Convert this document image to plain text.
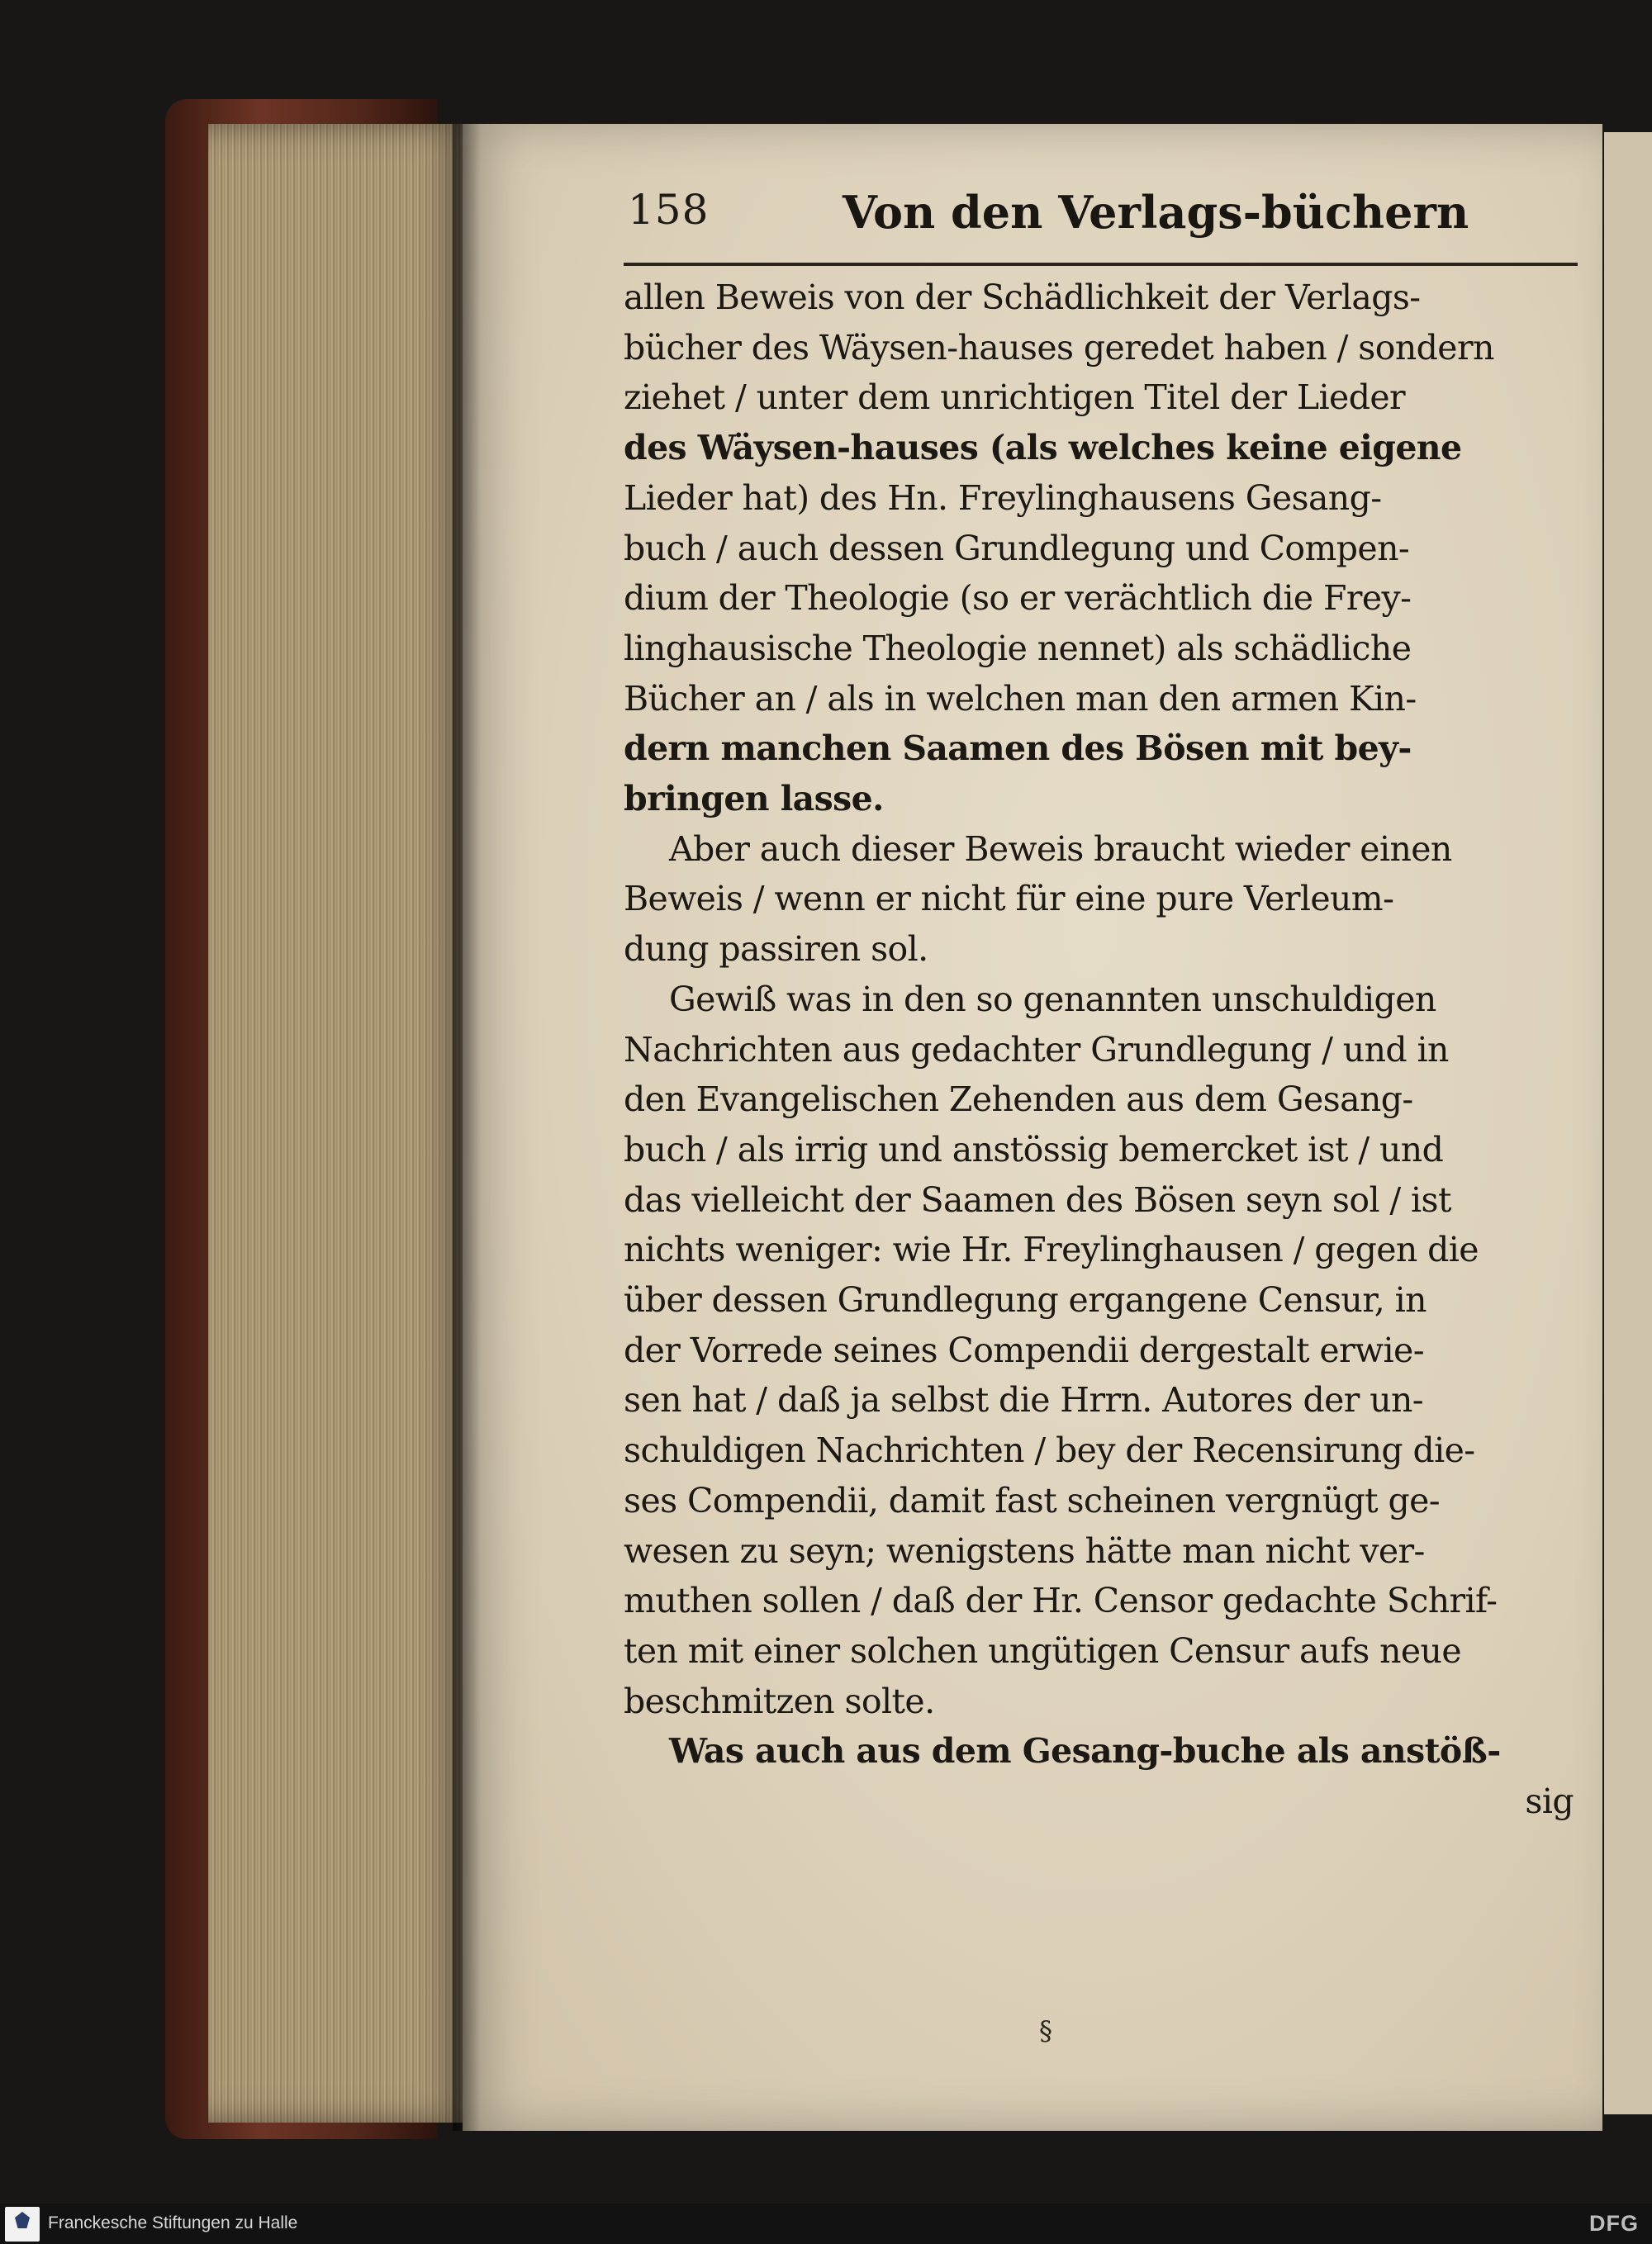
158	Von den Verlags-büchern
allen Beweis von der Schädlichkeit der Verlags-
bücher des Wäysen-hauses geredet haben / sondern
ziehet / unter dem unrichtigen Titel der Lieder
des Wäysen-hauses (als welches keine eigene
Lieder hat) des Hn. Freylinghausens Gesang-
buch / auch dessen Grundlegung und Compen-
dium der Theologie (so er verächtlich die Frey-
linghausische Theologie nennet) als schädliche
Bücher an / als in welchen man den armen Kin-
dern manchen Saamen des Bösen mit bey-
bringen lasse.
Aber auch dieser Beweis braucht wieder einen
Beweis / wenn er nicht für eine pure Verleum-
dung passiren sol.
Gewiß was in den so genannten unschuldigen
Nachrichten aus gedachter Grundlegung / und in
den Evangelischen Zehenden aus dem Gesang-
buch / als irrig und anstössig bemercket ist / und
das vielleicht der Saamen des Bösen seyn sol / ist
nichts weniger: wie Hr. Freylinghausen / gegen die
über dessen Grundlegung ergangene Censur, in
der Vorrede seines Compendii dergestalt erwie-
sen hat / daß ja selbst die Hrrn. Autores der un-
schuldigen Nachrichten / bey der Recensirung die-
ses Compendii, damit fast scheinen vergnügt ge-
wesen zu seyn; wenigstens hätte man nicht ver-
muthen sollen / daß der Hr. Censor gedachte Schrif-
ten mit einer solchen ungütigen Censur aufs neue
beschmitzen solte.
Was auch aus dem Gesang-buche als anstöß-
sig
§
Franckesche Stiftungen zu Halle	DFG
